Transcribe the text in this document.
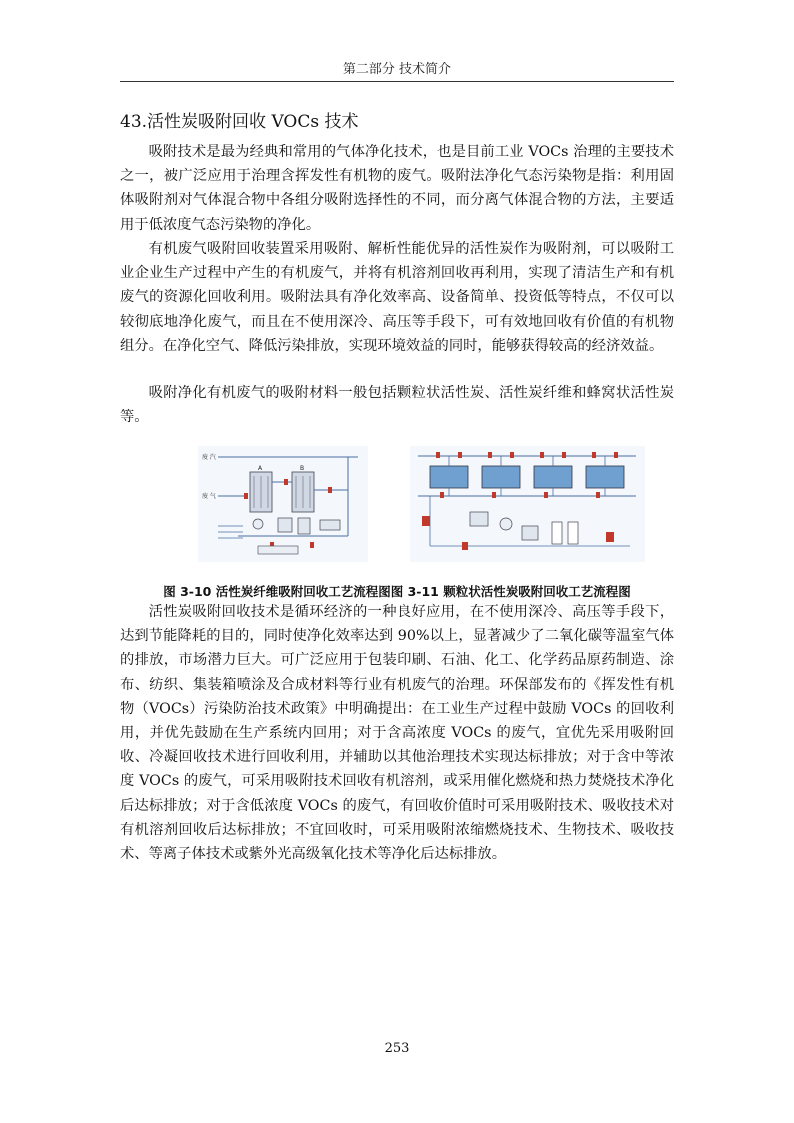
第二部分 技术简介
43.活性炭吸附回收 VOCs 技术

吸附技术是最为经典和常用的气体净化技术，也是目前工业 VOCs 治理的主要技术之一，被广泛应用于治理含挥发性有机物的废气。吸附法净化气态污染物是指：利用固体吸附剂对气体混合物中各组分吸附选择性的不同，而分离气体混合物的方法，主要适用于低浓度气态污染物的净化。

有机废气吸附回收装置采用吸附、解析性能优异的活性炭作为吸附剂，可以吸附工业企业生产过程中产生的有机废气，并将有机溶剂回收再利用，实现了清洁生产和有机废气的资源化回收利用。吸附法具有净化效率高、设备简单、投资低等特点，不仅可以较彻底地净化废气，而且在不使用深冷、高压等手段下，可有效地回收有价值的有机物组分。在净化空气、降低污染排放，实现环境效益的同时，能够获得较高的经济效益。

吸附净化有机废气的吸附材料一般包括颗粒状活性炭、活性炭纤维和蜂窝状活性炭等。

废 汽
废 气
A	B
图 3-10 活性炭纤维吸附回收工艺流程图图 3-11 颗粒状活性炭吸附回收工艺流程图

活性炭吸附回收技术是循环经济的一种良好应用，在不使用深冷、高压等手段下，达到节能降耗的目的，同时使净化效率达到 90%以上，显著减少了二氧化碳等温室气体的排放，市场潜力巨大。可广泛应用于包装印刷、石油、化工、化学药品原药制造、涂布、纺织、集装箱喷涂及合成材料等行业有机废气的治理。环保部发布的《挥发性有机物（VOCs）污染防治技术政策》中明确提出：在工业生产过程中鼓励 VOCs 的回收利用，并优先鼓励在生产系统内回用；对于含高浓度 VOCs 的废气，宜优先采用吸附回收、冷凝回收技术进行回收利用，并辅助以其他治理技术实现达标排放；对于含中等浓度 VOCs 的废气，可采用吸附技术回收有机溶剂，或采用催化燃烧和热力焚烧技术净化后达标排放；对于含低浓度 VOCs 的废气，有回收价值时可采用吸附技术、吸收技术对有机溶剂回收后达标排放；不宜回收时，可采用吸附浓缩燃烧技术、生物技术、吸收技术、等离子体技术或紫外光高级氧化技术等净化后达标排放。

253
